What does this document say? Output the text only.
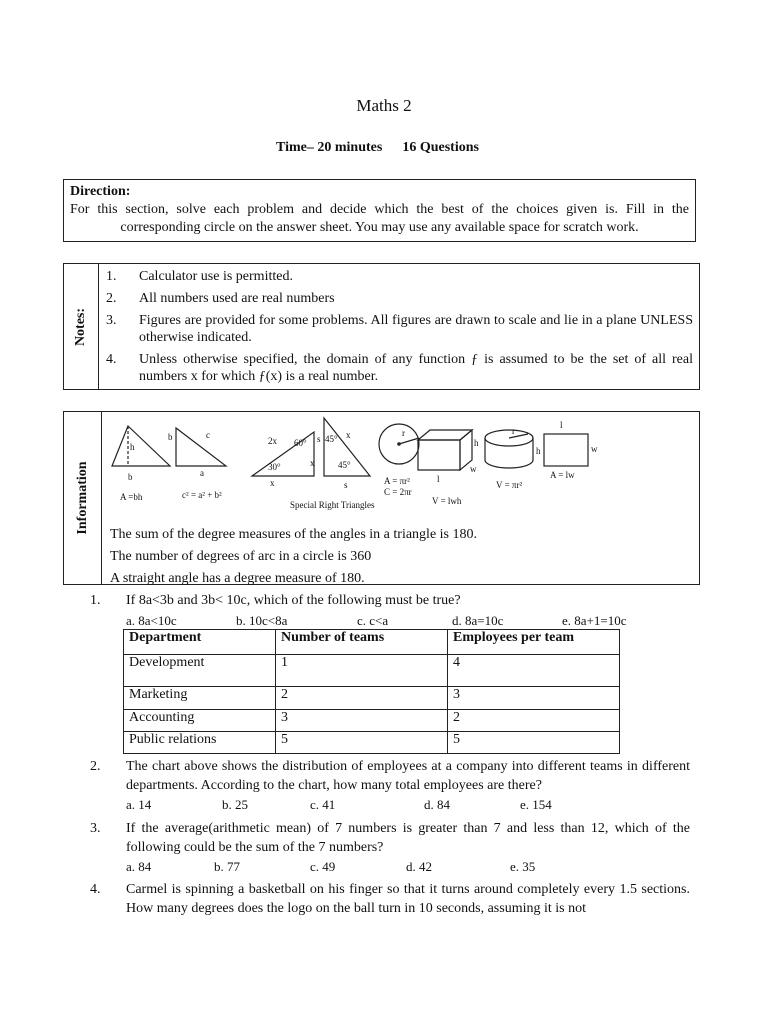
Maths 2
Time– 20 minutes 16 Questions
Direction:
For this section, solve each problem and decide which the best of the choices given is. Fill in the corresponding circle on the answer sheet. You may use any available space for scratch work.
Notes:
1. Calculator use is permitted.
2. All numbers used are real numbers
3. Figures are provided for some problems. All figures are drawn to scale and lie in a plane UNLESS otherwise indicated.
4. Unless otherwise specified, the domain of any function ƒ is assumed to be the set of all real numbers x for which ƒ(x) is a real number.
Information
h
b
A =bh
b	c
a
c² = a² + b²
2x 60°
30°
x
x
s 45°
45°
x
s
Special Right Triangles
r
A = πr²
C = 2πr
h
l
w
V = lwh
r
h
V = πr²
l
w
A = lw
The sum of the degree measures of the angles in a triangle is 180.
The number of degrees of arc in a circle is 360
A straight angle has a degree measure of 180.
1. If 8a<3b and 3b< 10c, which of the following must be true?
a. 8a<10c	b. 10c<8a	c. c<a	d. 8a=10c	e. 8a+1=10c
Department	Number of teams	Employees per team
Development	1	4
Marketing	2	3
Accounting	3	2
Public relations	5	5
2. The chart above shows the distribution of employees at a company into different teams in different departments. According to the chart, how many total employees are there?
a. 14	b. 25	c. 41	d. 84	e. 154
3. If the average(arithmetic mean) of 7 numbers is greater than 7 and less than 12, which of the following could be the sum of the 7 numbers?
a. 84	b. 77	c. 49	d. 42	e. 35
4. Carmel is spinning a basketball on his finger so that it turns around completely every 1.5 sections. How many degrees does the logo on the ball turn in 10 seconds, assuming it is not
